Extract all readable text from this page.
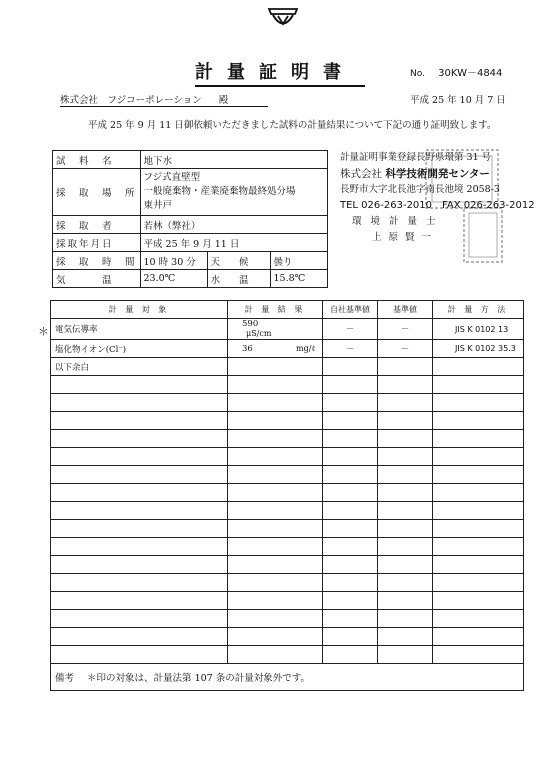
計量証明書	No. 30KW－4844
株式会社　フジコーポレーション 殿	平成 25 年 10 月 7 日
平成 25 年 9 月 11 日御依頼いただきました試料の計量結果について下記の通り証明致します。
試　料　名	地下水		
採　取　場　所	フジ式直壁型
一般廃棄物・産業廃棄物最終処分場
東井戸		

採　取　者	若林（弊社）		
採取年月日	平成 25 年 9 月 11 日		
採　取　時　間	10 時 30 分	天　　候	曇り
気　　　温	23.0℃	水　　温	15.8℃
計量証明事業登録長野県環第 31 号
株式会社 科学技術開発センター
長野市大字北長池字南長池境 2058-3
TEL 026-263-2010　FAX 026-263-2012
環境計量士
上原賢一
＊
計 量 対 象	計 量 結 果	自社基準値	基準値	計 量 方 法
電気伝導率	590μS/cm	－	－	JIS K 0102 13
塩化物イオン(Cl⁻)	36 mg/ℓ	－	－	JIS K 0102 35.3
以下余白				

備考 ＊印の対象は、計量法第 107 条の計量対象外です。				
